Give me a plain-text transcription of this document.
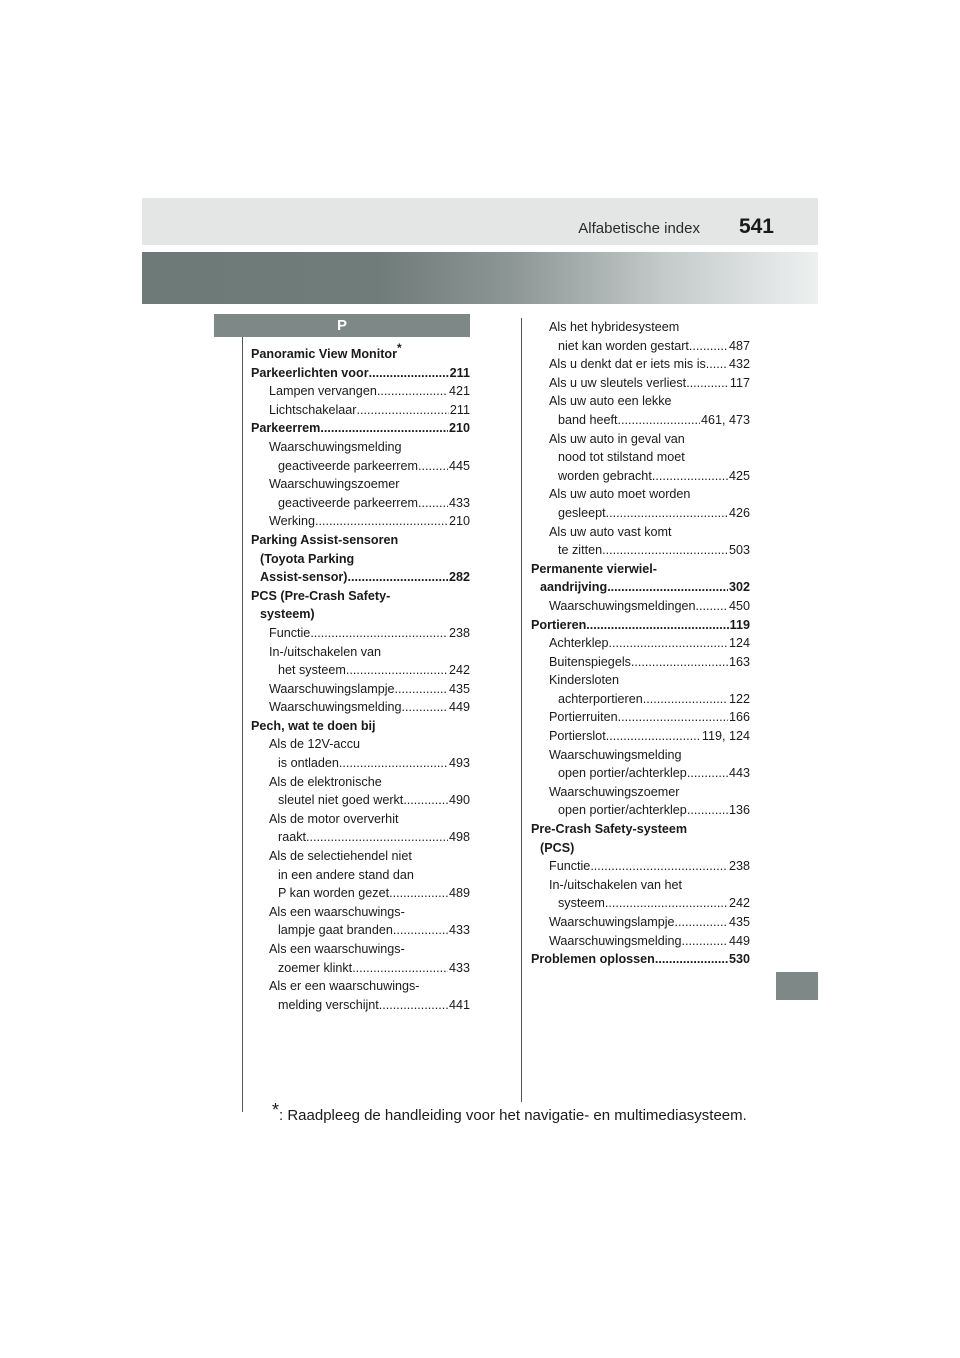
Alfabetische index 541
P
Panoramic View Monitor*
Parkeerlichten voor .....	211
Lampen vervangen .....	421
Lichtschakelaar .....	211
Parkeerrem .....	210
Waarschuwingsmelding
geactiveerde parkeerrem ..... 445
Waarschuwingszoemer
geactiveerde parkeerrem ..... 433
Werking .....	210
Parking Assist-sensoren
(Toyota Parking
Assist-sensor) .....	282
PCS (Pre-Crash Safety-
systeem)
Functie .....	238
In-/uitschakelen van
het systeem .....	242
Waarschuwingslampje .....	435
Waarschuwingsmelding .....	449
Pech, wat te doen bij
Als de 12V-accu
is ontladen .....	493
Als de elektronische
sleutel niet goed werkt .....	490
Als de motor oververhit
raakt .....	498
Als de selectiehendel niet
in een andere stand dan
P kan worden gezet .....	489
Als een waarschuwings-
lampje gaat branden .....	433
Als een waarschuwings-
zoemer klinkt .....	433
Als er een waarschuwings-
melding verschijnt .....	441
Als het hybridesysteem
niet kan worden gestart .....	487
Als u denkt dat er iets mis is ..... 432
Als u uw sleutels verliest .....	117
Als uw auto een lekke
band heeft .....	461, 473
Als uw auto in geval van
nood tot stilstand moet
worden gebracht .....	425
Als uw auto moet worden
gesleept .....	426
Als uw auto vast komt
te zitten .....	503
Permanente vierwiel-
aandrijving .....	302
Waarschuwingsmeldingen .....	450
Portieren .....	119
Achterklep .....	124
Buitenspiegels .....	163
Kindersloten
achterportieren .....	122
Portierruiten .....	166
Portierslot .....	119, 124
Waarschuwingsmelding
open portier/achterklep .....	443
Waarschuwingszoemer
open portier/achterklep .....	136
Pre-Crash Safety-systeem
(PCS)
Functie .....	238
In-/uitschakelen van het
systeem .....	242
Waarschuwingslampje .....	435
Waarschuwingsmelding .....	449
Problemen oplossen .....	530
*: Raadpleeg de handleiding voor het navigatie- en multimediasysteem.
